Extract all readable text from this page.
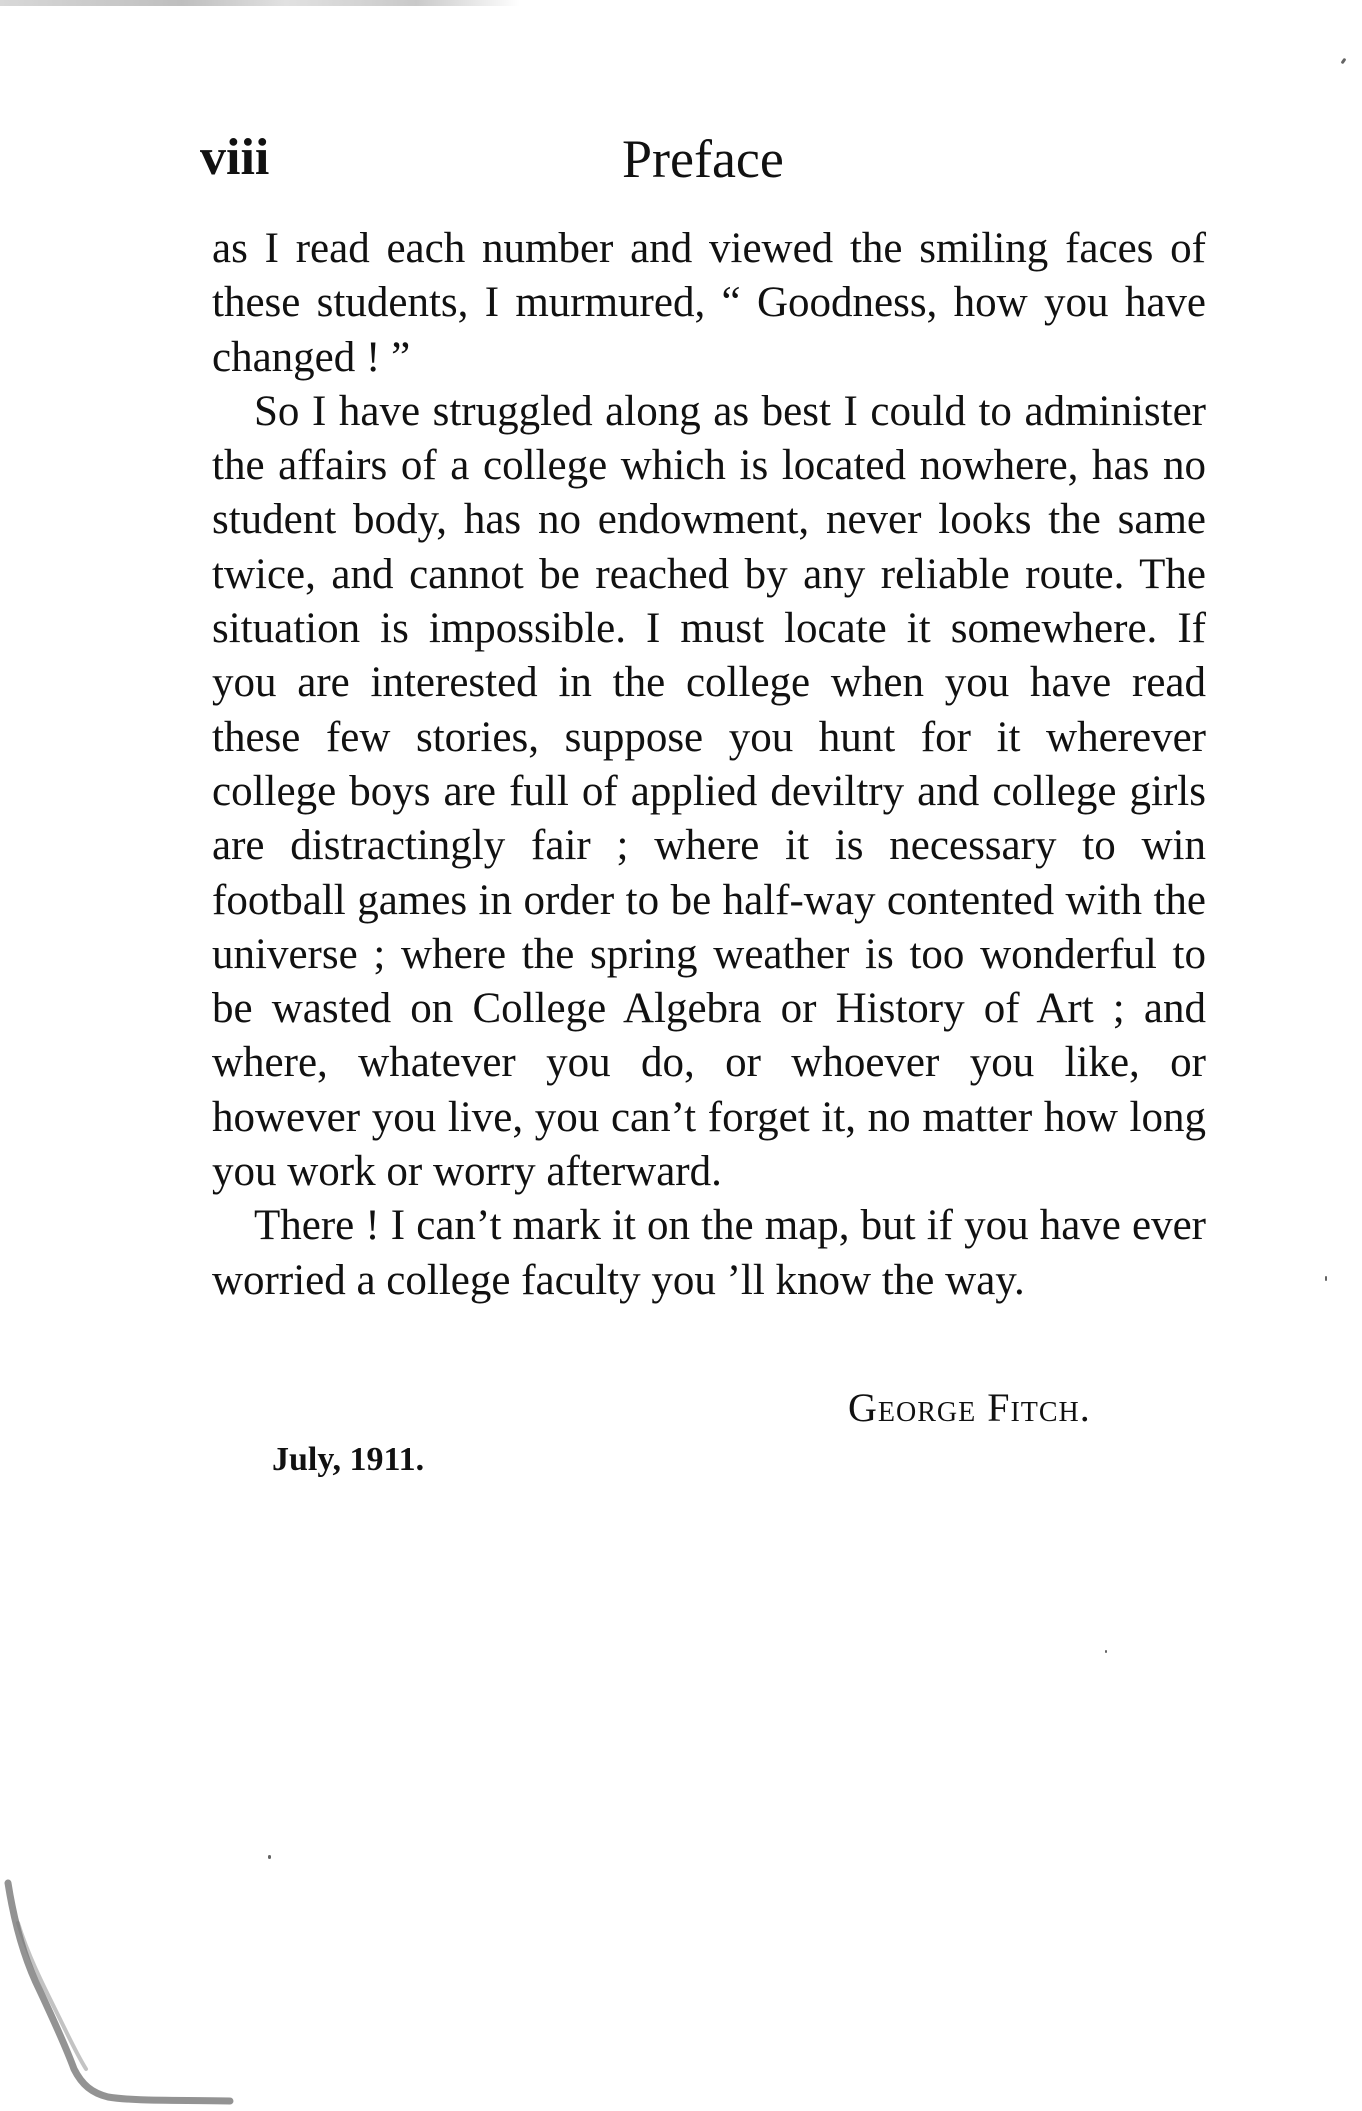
viii	Preface

as I read each number and viewed the smiling faces of these students, I murmured, “ Goodness, how you have changed ! ”

So I have struggled along as best I could to administer the affairs of a college which is located nowhere, has no student body, has no endowment, never looks the same twice, and cannot be reached by any reliable route. The situation is impossible. I must locate it somewhere. If you are interested in the college when you have read these few stories, suppose you hunt for it wherever college boys are full of applied deviltry and college girls are distractingly fair ; where it is necessary to win football games in order to be half-way contented with the universe ; where the spring weather is too wonderful to be wasted on College Algebra or History of Art ; and where, whatever you do, or whoever you like, or however you live, you can’t forget it, no matter how long you work or worry afterward.

There ! I can’t mark it on the map, but if you have ever worried a college faculty you ’ll know the way.

George Fitch.
July, 1911.
